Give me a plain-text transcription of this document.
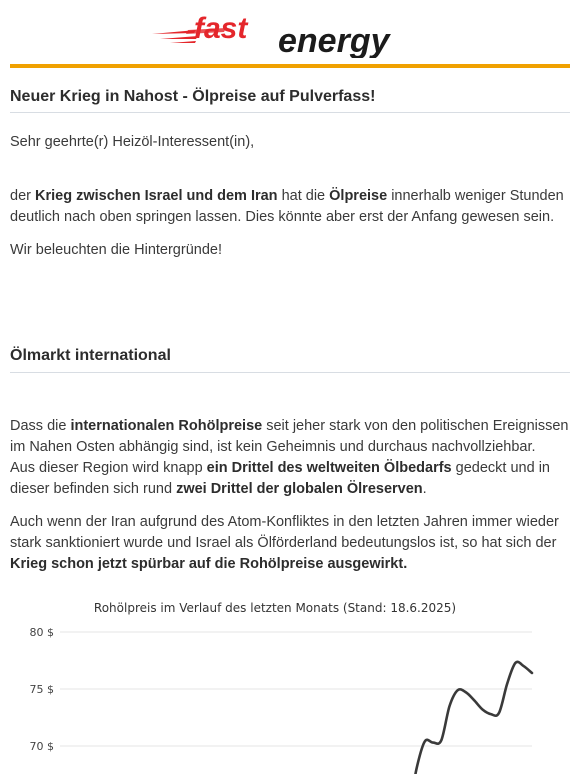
fast energy
Neuer Krieg in Nahost - Ölpreise auf Pulverfass!

Sehr geehrte(r) Heizöl-Interessent(in),

der Krieg zwischen Israel und dem Iran hat die Ölpreise innerhalb weniger Stunden deutlich nach oben springen lassen. Dies könnte aber erst der Anfang gewesen sein.

Wir beleuchten die Hintergründe!

Ölmarkt international

Dass die internationalen Rohölpreise seit jeher stark von den politischen Ereignissen im Nahen Osten abhängig sind, ist kein Geheimnis und durchaus nachvollziehbar.
Aus dieser Region wird knapp ein Drittel des weltweiten Ölbedarfs gedeckt und in dieser befinden sich rund zwei Drittel der globalen Ölreserven.

Auch wenn der Iran aufgrund des Atom-Konfliktes in den letzten Jahren immer wieder stark sanktioniert wurde und Israel als Ölförderland bedeutungslos ist, so hat sich der Krieg schon jetzt spürbar auf die Rohölpreise ausgewirkt.

Rohölpreis im Verlauf des letzten Monats (Stand: 18.6.2025)
80 $
75 $
70 $
